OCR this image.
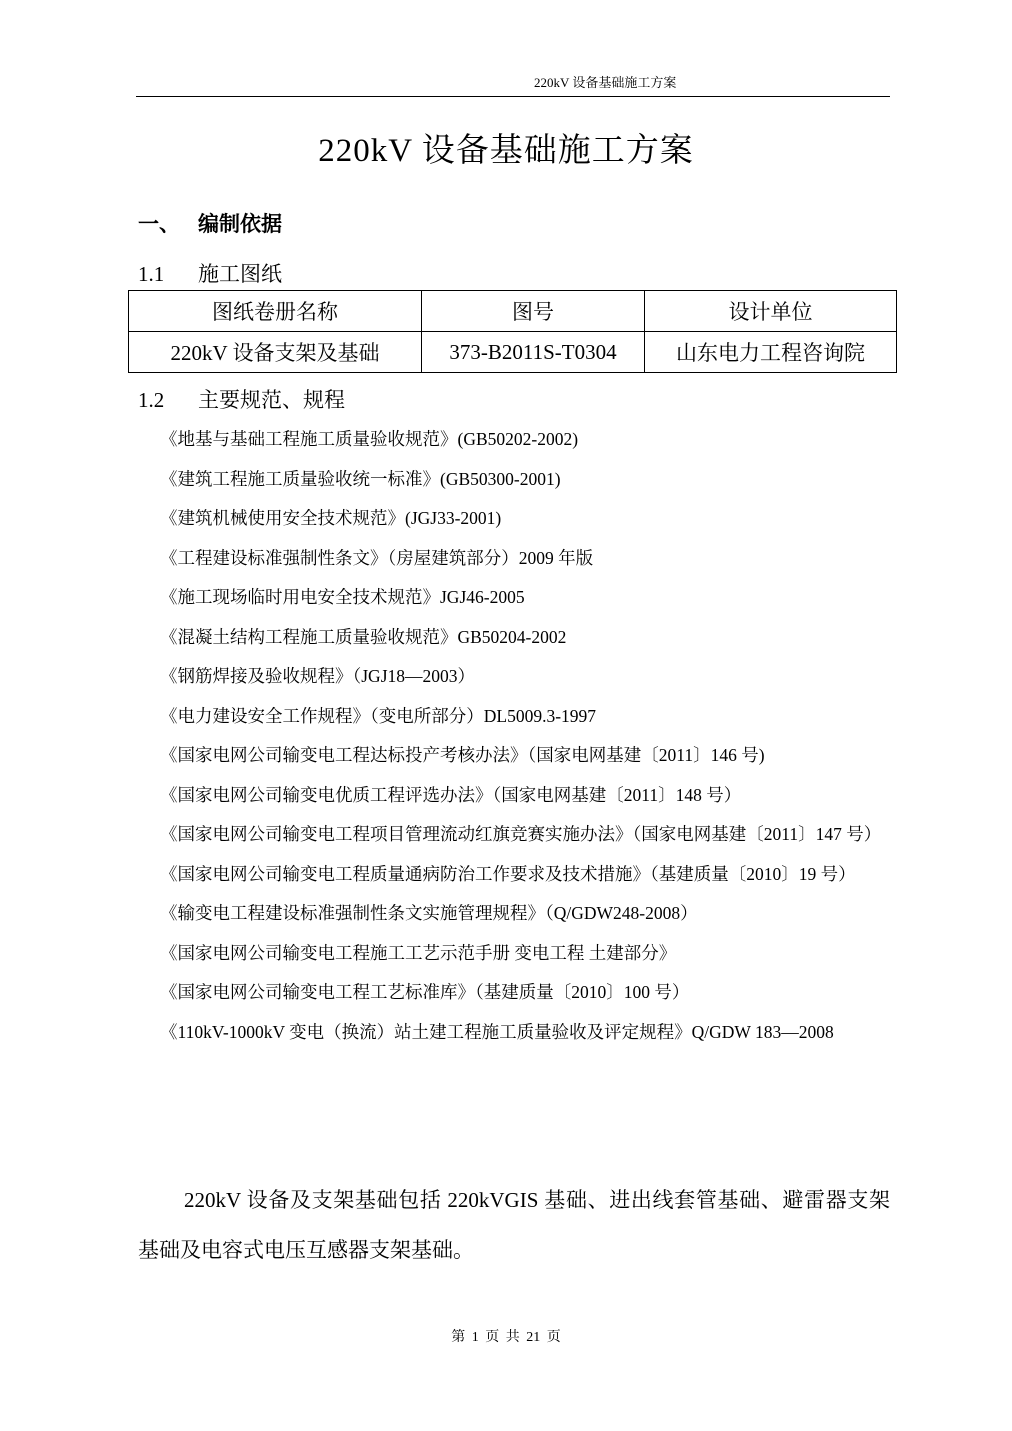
220kV 设备基础施工方案
220kV 设备基础施工方案
一、 编制依据
1.1 施工图纸
图纸卷册名称	图号	设计单位
220kV 设备支架及基础	373-B2011S-T0304	山东电力工程咨询院
1.2 主要规范、规程

《地基与基础工程施工质量验收规范》(GB50202-2002)

《建筑工程施工质量验收统一标准》(GB50300-2001)

《建筑机械使用安全技术规范》(JGJ33-2001)

《工程建设标准强制性条文》（房屋建筑部分）2009 年版

《施工现场临时用电安全技术规范》JGJ46-2005

《混凝土结构工程施工质量验收规范》GB50204-2002

《钢筋焊接及验收规程》（JGJ18—2003）

《电力建设安全工作规程》（变电所部分）DL5009.3-1997

《国家电网公司输变电工程达标投产考核办法》（国家电网基建〔2011〕146 号)

《国家电网公司输变电优质工程评选办法》（国家电网基建〔2011〕148 号）

《国家电网公司输变电工程项目管理流动红旗竞赛实施办法》（国家电网基建〔2011〕147 号）

《国家电网公司输变电工程质量通病防治工作要求及技术措施》（基建质量〔2010〕19 号）

《输变电工程建设标准强制性条文实施管理规程》（Q/GDW248-2008）

《国家电网公司输变电工程施工工艺示范手册 变电工程 土建部分》

《国家电网公司输变电工程工艺标准库》（基建质量〔2010〕100 号）

《110kV-1000kV 变电（换流）站土建工程施工质量验收及评定规程》Q/GDW 183—2008

220kV 设备及支架基础包括 220kVGIS 基础、进出线套管基础、避雷器支架基础及电容式电压互感器支架基础。

第 1 页 共 21 页
